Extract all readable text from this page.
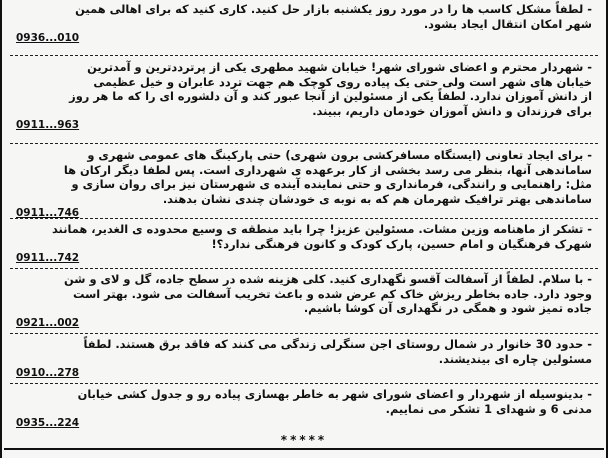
- لطفاً مشکل کاسب ها را در مورد روز یکشنبه بازار حل کنید. کاری کنید که برای اهالی همین
شهر امکان انتقال ایجاد بشود.
0936...010
- شهردار محترم و اعضای شورای شهر! خیابان شهید مطهری یکی از پرترددترین و آمدترین
خیابان های شهر است ولی حتی یک پیاده روی کوچک هم جهت تردد عابران و خیل عظیمی
از دانش آموزان ندارد. لطفاً یکی از مسئولین از آنجا عبور کند و آن دلشوره ای را که ما هر روز
برای فرزندان و دانش آموزان خودمان داریم، ببیند.
0911...963
- برای ایجاد تعاونی (ایستگاه مسافرکشی برون شهری) حتی پارکینگ های عمومی شهری و
ساماندهی آنها، بنظر می رسد بخشی از کار برعهده ی شهرداری است. پس لطفا دیگر ارکان ها
مثل: راهنمایی و رانندگی، فرمانداری و حتی نماینده آینده ی شهرستان نیز برای روان سازی و
ساماندهی بهتر ترافیک شهرمان هم که به نوبه ی خودشان چندی نشان بدهند.
0911...746
- تشکر از ماهنامه وزین مشات. مسئولین عزیز! چرا باید منطقه ی وسیع محدوده ی الغدیر، همانند
شهرک فرهنگیان و امام حسین، پارک کودک و کانون فرهنگی ندارد؟!
0911...742
- با سلام. لطفاً از آسفالت آقسو نگهداری کنید. کلی هزینه شده در سطح جاده، گل و لای و شن
وجود دارد. جاده بخاطر ریزش خاک کم عرض شده و باعث تخریب آسفالت می شود. بهتر است
جاده تمیز شود و همگی در نگهداری آن کوشا باشیم.
0921...002
- حدود 30 خانوار در شمال روستای اجن سنگرلی زندگی می کنند که فاقد برق هستند. لطفاً
مسئولین چاره ای بیندیشند.
0910...278
- بدینوسیله از شهردار و اعضای شورای شهر به خاطر بهسازی پیاده رو و جدول کشی خیابان
مدنی 6 و شهدای 1 تشکر می نماییم.
0935...224
*****
